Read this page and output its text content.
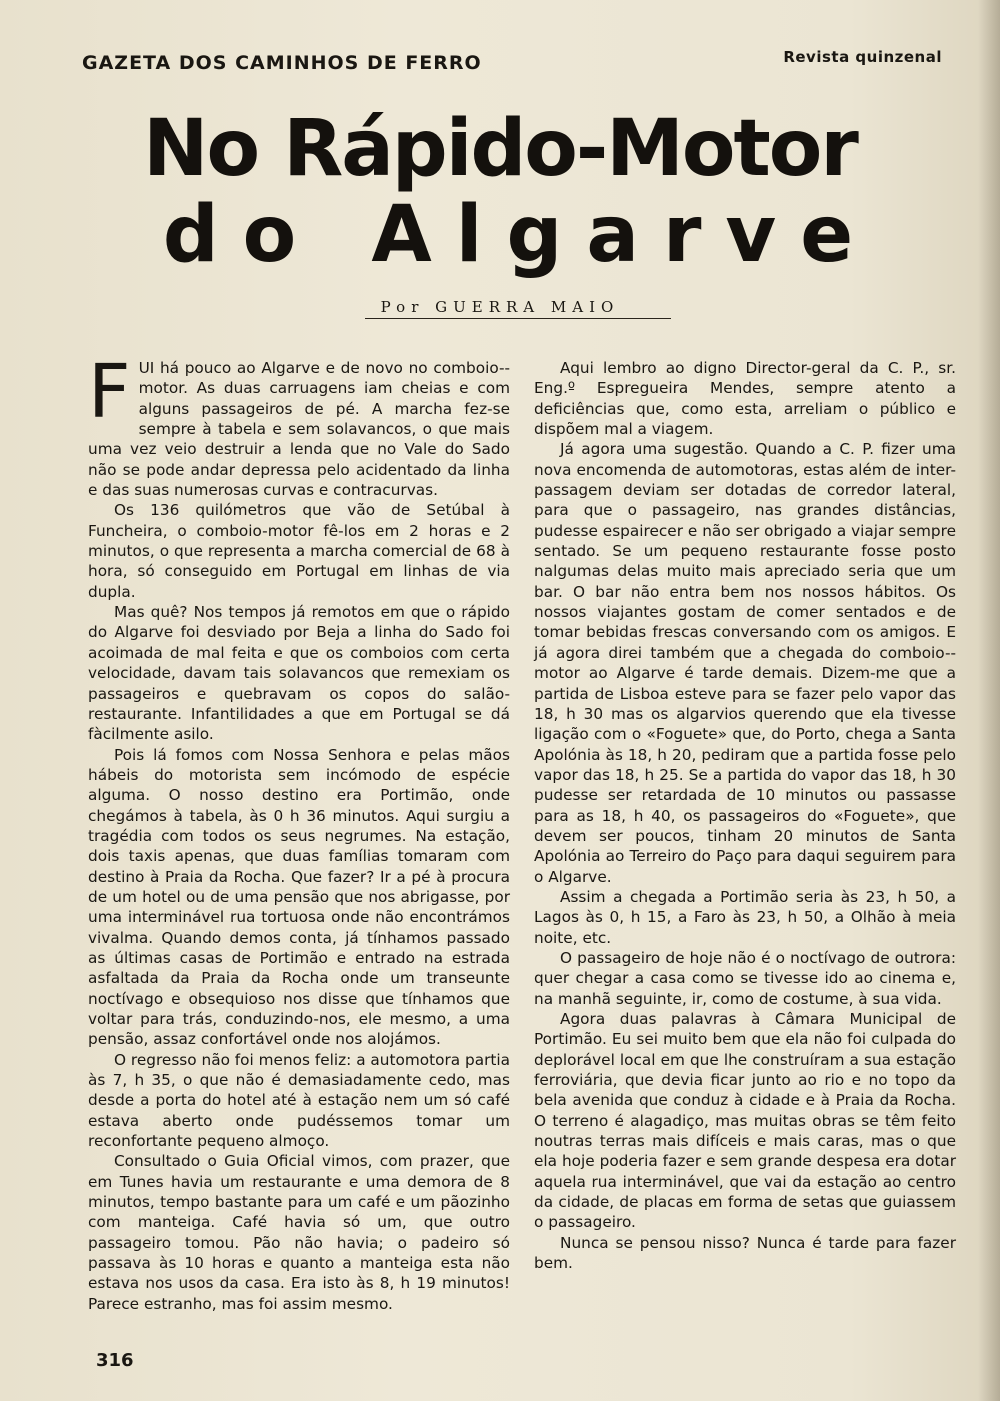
GAZETA DOS CAMINHOS DE FERRO	Revista quinzenal
No Rápido-Motor
do Algarve

Por GUERRA MAIO

FUI há pouco ao Algarve e de novo no comboio--motor. As duas carruagens iam cheias e com alguns passageiros de pé. A marcha fez-se sempre à tabela e sem solavancos, o que mais uma vez veio destruir a lenda que no Vale do Sado não se pode andar depressa pelo acidentado da linha e das suas numerosas curvas e contracurvas.

Os 136 quilómetros que vão de Setúbal à Funcheira, o comboio-motor fê-los em 2 horas e 2 minutos, o que representa a marcha comercial de 68 à hora, só conseguido em Portugal em linhas de via dupla.

Mas quê? Nos tempos já remotos em que o rápido do Algarve foi desviado por Beja a linha do Sado foi acoimada de mal feita e que os comboios com certa velocidade, davam tais solavancos que remexiam os passageiros e quebravam os copos do salão-restaurante. Infantilidades a que em Portugal se dá fàcilmente asilo.

Pois lá fomos com Nossa Senhora e pelas mãos hábeis do motorista sem incómodo de espécie alguma. O nosso destino era Portimão, onde chegámos à tabela, às 0 h 36 minutos. Aqui surgiu a tragédia com todos os seus negrumes. Na estação, dois taxis apenas, que duas famílias tomaram com destino à Praia da Rocha. Que fazer? Ir a pé à procura de um hotel ou de uma pensão que nos abrigasse, por uma interminável rua tortuosa onde não encontrámos vivalma. Quando demos conta, já tínhamos passado as últimas casas de Portimão e entrado na estrada asfaltada da Praia da Rocha onde um transeunte noctívago e obsequioso nos disse que tínhamos que voltar para trás, conduzindo-nos, ele mesmo, a uma pensão, assaz confortável onde nos alojámos.

O regresso não foi menos feliz: a automotora partia às 7, h 35, o que não é demasiadamente cedo, mas desde a porta do hotel até à estação nem um só café estava aberto onde pudéssemos tomar um reconfortante pequeno almoço.

Consultado o Guia Oficial vimos, com prazer, que em Tunes havia um restaurante e uma demora de 8 minutos, tempo bastante para um café e um pãozinho com manteiga. Café havia só um, que outro passageiro tomou. Pão não havia; o padeiro só passava às 10 horas e quanto a manteiga esta não estava nos usos da casa. Era isto às 8, h 19 minutos! Parece estranho, mas foi assim mesmo.

Aqui lembro ao digno Director-geral da C. P., sr. Eng.º Espregueira Mendes, sempre atento a deficiências que, como esta, arreliam o público e dispõem mal a viagem.

Já agora uma sugestão. Quando a C. P. fizer uma nova encomenda de automotoras, estas além de inter-passagem deviam ser dotadas de corredor lateral, para que o passageiro, nas grandes distâncias, pudesse espairecer e não ser obrigado a viajar sempre sentado. Se um pequeno restaurante fosse posto nalgumas delas muito mais apreciado seria que um bar. O bar não entra bem nos nossos hábitos. Os nossos viajantes gostam de comer sentados e de tomar bebidas frescas conversando com os amigos. E já agora direi também que a chegada do comboio--motor ao Algarve é tarde demais. Dizem-me que a partida de Lisboa esteve para se fazer pelo vapor das 18, h 30 mas os algarvios querendo que ela tivesse ligação com o «Foguete» que, do Porto, chega a Santa Apolónia às 18, h 20, pediram que a partida fosse pelo vapor das 18, h 25. Se a partida do vapor das 18, h 30 pudesse ser retardada de 10 minutos ou passasse para as 18, h 40, os passageiros do «Foguete», que devem ser poucos, tinham 20 minutos de Santa Apolónia ao Terreiro do Paço para daqui seguirem para o Algarve.

Assim a chegada a Portimão seria às 23, h 50, a Lagos às 0, h 15, a Faro às 23, h 50, a Olhão à meia noite, etc.

O passageiro de hoje não é o noctívago de outrora: quer chegar a casa como se tivesse ido ao cinema e, na manhã seguinte, ir, como de costume, à sua vida.

Agora duas palavras à Câmara Municipal de Portimão. Eu sei muito bem que ela não foi culpada do deplorável local em que lhe construíram a sua estação ferroviária, que devia ficar junto ao rio e no topo da bela avenida que conduz à cidade e à Praia da Rocha. O terreno é alagadiço, mas muitas obras se têm feito noutras terras mais difíceis e mais caras, mas o que ela hoje poderia fazer e sem grande despesa era dotar aquela rua interminável, que vai da estação ao centro da cidade, de placas em forma de setas que guiassem o passageiro.

Nunca se pensou nisso? Nunca é tarde para fazer bem.

316
